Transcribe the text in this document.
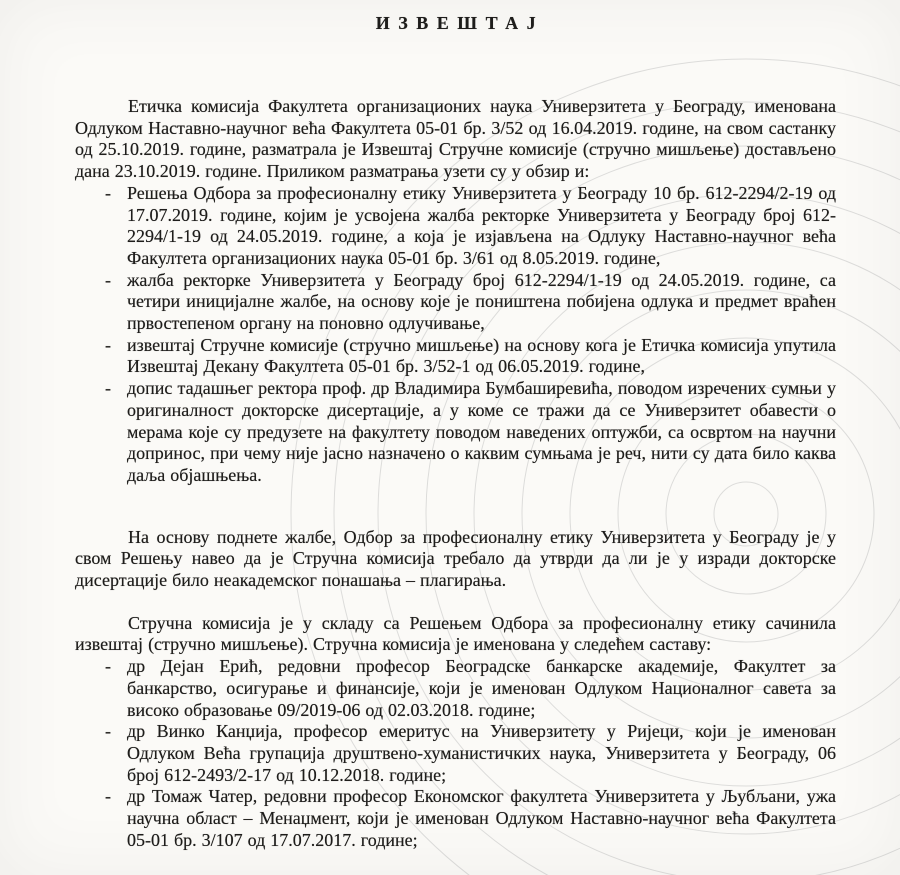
ИЗВЕШТАЈ

Етичка комисија Факултета организационих наука Универзитета у Београду, именована Одлуком Наставно-научног већа Факултета 05-01 бр. 3/52 од 16.04.2019. године, на свом састанку од 25.10.2019. године, разматрала је Извештај Стручне комисије (стручно мишљење) достављено дана 23.10.2019. године. Приликом разматрања узети су у обзир и:

- Решења Одбора за професионалну етику Универзитета у Београду 10 бр. 612-2294/2-19 од 17.07.2019. године, којим је усвојена жалба ректорке Универзитета у Београду број 612-2294/1-19 од 24.05.2019. године, а која је изјављена на Одлуку Наставно-научног већа Факултета организационих наука 05-01 бр. 3/61 од 8.05.2019. године,
- жалба ректорке Универзитета у Београду број 612-2294/1-19 од 24.05.2019. године, са четири иницијалне жалбе, на основу које је поништена побијена одлука и предмет враћен првостепеном органу на поновно одлучивање,
- извештај Стручне комисије (стручно мишљење) на основу кога је Етичка комисија упутила Извештај Декану Факултета 05-01 бр. 3/52-1 од 06.05.2019. године,
- допис тадашњег ректора проф. др Владимира Бумбаширевића, поводом изречених сумњи у оригиналност докторске дисертације, а у коме се тражи да се Универзитет обавести о мерама које су предузете на факултету поводом наведених оптужби, са освртом на научни допринос, при чему није јасно назначено о каквим сумњама је реч, нити су дата било каква даља објашњења.

На основу поднете жалбе, Одбор за професионалну етику Универзитета у Београду је у свом Решењу навео да је Стручна комисија требало да утврди да ли је у изради докторске дисертације било неакадемског понашања – плагирања.

Стручна комисија је у складу са Решењем Одбора за професионалну етику сачинила извештај (стручно мишљење). Стручна комисија је именована у следећем саставу:

- др Дејан Ерић, редовни професор Београдске банкарске академије, Факултет за банкарство, осигурање и финансије, који је именован Одлуком Националног савета за високо образовање 09/2019-06 од 02.03.2018. године;
- др Винко Канџија, професор емеритус на Универзитету у Ријеци, који је именован Одлуком Већа групација друштвено-хуманистичких наука, Универзитета у Београду, 06 број 612-2493/2-17 од 10.12.2018. године;
- др Томаж Чатер, редовни професор Економског факултета Универзитета у Љубљани, ужа научна област – Менаџмент, који је именован Одлуком Наставно-научног већа Факултета 05-01 бр. 3/107 од 17.07.2017. године;
